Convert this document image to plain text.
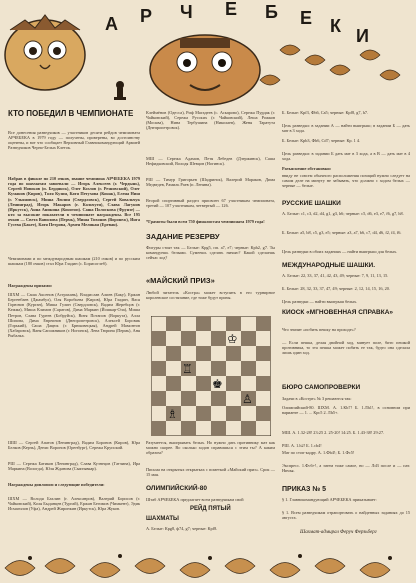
А Р Ч Е Б Е К И
КТО ПОБЕДИЛ В ЧЕМПИОНАТЕ
Все донесения разведчиков — участников десяти рейдов чемпионата АРЧЕБЕКА в 1979 году — получены, проверены, во достоинству оценены, и вот что сообщает Верховный Главнокомандующий Армией Разведчиков Черно-Белых Клеток.
Набрав в финале по 210 очков, звание чемпиона АРЧЕБЕКА 1979 года по шахматам завоевали — Игорь Алексеев (г. Чердынь), Сергей Новоков (п. Бердянск), Олег Козлов (г. Резновский), Олег Куманов (Киров), Толя Кузин, Катя Петухова (Конак), Елена Ниш (г. Ульяновск), Миша Люлин (Свердловск), Сергей Ковальчук (Ленинград), Игорь Макаров (г. Кольчуги), Слава Лагунов (Иркутск), Анна Аникина (Конотоп). Саша Полоскова (Фрунзе) — кто за высокие показатели в чемпионате награждены. Все 195 очков — Света Вавилова (Пермь), Миша Тихонов (Воронеж), Инга Гусева (Бакет), Катя Петрова, Армен Меликан (Ереван).
Чемпионами и по международным шашкам (210 очков) и по русским шашкам (180 очков) стал Юра Гладин (с. Борисоглеб).
Награждены призами:
ШХМ — Саша Аксенов (Астрахань), Владислав Алиев (Баку), Ержан Бергенбаев (Джамбул), Оля Воробьева (Киров), Юра Гладин, Вася Горюнов (Курган), Миша Гулин (Свердловск), Вадим Жеребцов (г. Кежма), Миша Климов (Саратов), Дима Маркин (Йошкар-Ола), Миша Петров, Слава Гуреев (Бобруйск), Витя Потапов (Воркута), Алла Шипова, Дима Евреинов (Днепропетровск), Алексей Боровик (Горький), Саша Дацюк (г. Брюковецкая), Андрей Мамонтов (Хабаровск), Ваня Сапожников (г. Ногинск), Лена Тюрина (Пермь), Аня Рыбалка.
ШШ — Сергей Апатов (Ленинград), Вадим Боронов (Киров), Юра Белков (Керчь), Денис Воронов (Оренбург), Сережа Крупский.
РШ — Сережа Батиков (Ленинград), Слава Кузнецов (Гатчина), Ира Маркина (Вологда), Юля Жданова (Сыктывкар).
Награждены дипломом и следующие победители:
ШХМ — Володя Бахлин (г. Алексанров), Валерий Борисов (г. Чайковский), Коля Быданцев (Тургай), Ержан Бегимов (Чимкент), Эдик Исмагилов (Уфа), Андрей Жиронкин (Иркутск), Юра Жуков.
Клеймёнов (Одесса), Риф Магадеев (с. Аскарово), Сережа Пурдак (г. Чайковский), Сережа Русских (г. Чайковский), Леша Рожков (Москва), Нина Тербушина (Николаев), Женя Таратута (Днепропетровск).
МШ — Сережа Адамов, Петя Лебедев (Дзержинск), Саша Нефидковский, Володя Шевцов (Ногинск).
РШ — Тимур Григорьев (Шадринск), Валерий Мараков, Дима Медведев, Рамиль Раев (п. Ленина).
Второй спортивный раздел присвоен 67 участникам чемпионата, третий — 107 участникам, четвертый — 126.
*Грамоты были всем 750 финалистам чемпионата 1979 года!
ЗАДАНИЕ РЕЗЕРВУ
Фигуры стоят так — Белые: Крg5, пп. а7, е7; черные: Крh2, g7. Ты командуешь белыми. Сумеешь сделать ничью? Какой сделаешь сейчас ход?
«МАЙСКИЙ ПРИЗ»
Любой читатель «Костра» может вступить в его турнирное королевское состязание, где тоже будут призы.
♔
♖
♚
♙
♗
Разумеется, выигрывать белых. Но нужно дать противнику мат как можно скорее. Во сколько ходов справишься с этим ты? А каким образом?
Письма на открытых открытках с пометкой «Майский приз». Срок — 15 мая.
ОЛИМПИЙСКИЙ-80
Штаб АРЧЕБЕКА предлагает всем разведчикам свой
РЕЙД ПЯТЫЙ
ШАХМАТЫ
А. Белые: Крg8, ф74, g7; черные: Крf8.
Б. Белые: Крf3, Фh6, Сa5; черные: Крf8, g7, h7.
Цель разведки: в задании А — найти выигрыш; в задании Б — дать мат в 3 хода.
Б. Белые: Крb3, Фb6, Cd7; черные: Кр. 1 4.
Цель разведки: в задании Б дать мат в 3 хода, а в В — дать мат в 4 хода.
Разъяснение обстановки:
ввиду не совсем обычного расположения позиций нужно следует на самом деле на минуту не забывать, что должно с ходом белых — черные — белые.
РУССКИЕ ШАШКИ
А. Белые: с1, с3, d2, d4, g1, g3, h6; черные: с5, d6, e3, e7, f6, g7, h8.
Б. Белые: a5, b8, c5, g3, e5; черные: a3, a7, b6, c7, d4, d6, f2, f4, f6.
Цель разведки в обоих заданиях — найти выигрыш для белых.
МЕЖДУНАРОДНЫЕ ШАШКИ.
А. Белые: 22, 33, 37, 41, 42, 43, 49; черные: 7, 9, 11, 13, 15.
Б. Белые: 28, 32, 33, 37, 47, 49; черные: 2, 12, 14, 15, 16, 20.
Цель разведки — найти выигрыш белых.
КИОСК «МГНОВЕННАЯ СПРАВКА»
Что значит «побить пешку на проходе»?
— Если пешка, делая двойной ход, минует поле, бито пешкой противника, то эта пешка может побить ее так, будто она сделала лишь один ход.
БЮРО САМОПРОВЕРКИ
Задачи в «Костре» № 3 решаются так:
Олимпийский-80. ШХМ. А. 1.Кb7! Б. 1.Лh1!, в основном при варианте — 1. ... Крс5 2. Лh5+.
МШ. А. 1.32-28! 23:25 2. 25-20! 14:25. Б. 1.43-38! 29:27.
РШ. А. 1.h2! Б. 1.cb4!
Мат по стоп-кадру. А. 1.Фb4!; Б. 1.Фс5!
Экспресс. 1.Фс6+!, а затем тоже самое, но — Лd3 после и — пат. Ничья.
ПРИКАЗ № 5
§ 1. Главнокомандующий АРЧЕБЕКА приказывает:
§ 1. Всем разведчикам отрапортовать о найденных заданиях до 15 августа.
Шахмат-адмирал Феруч Ферзьберг
